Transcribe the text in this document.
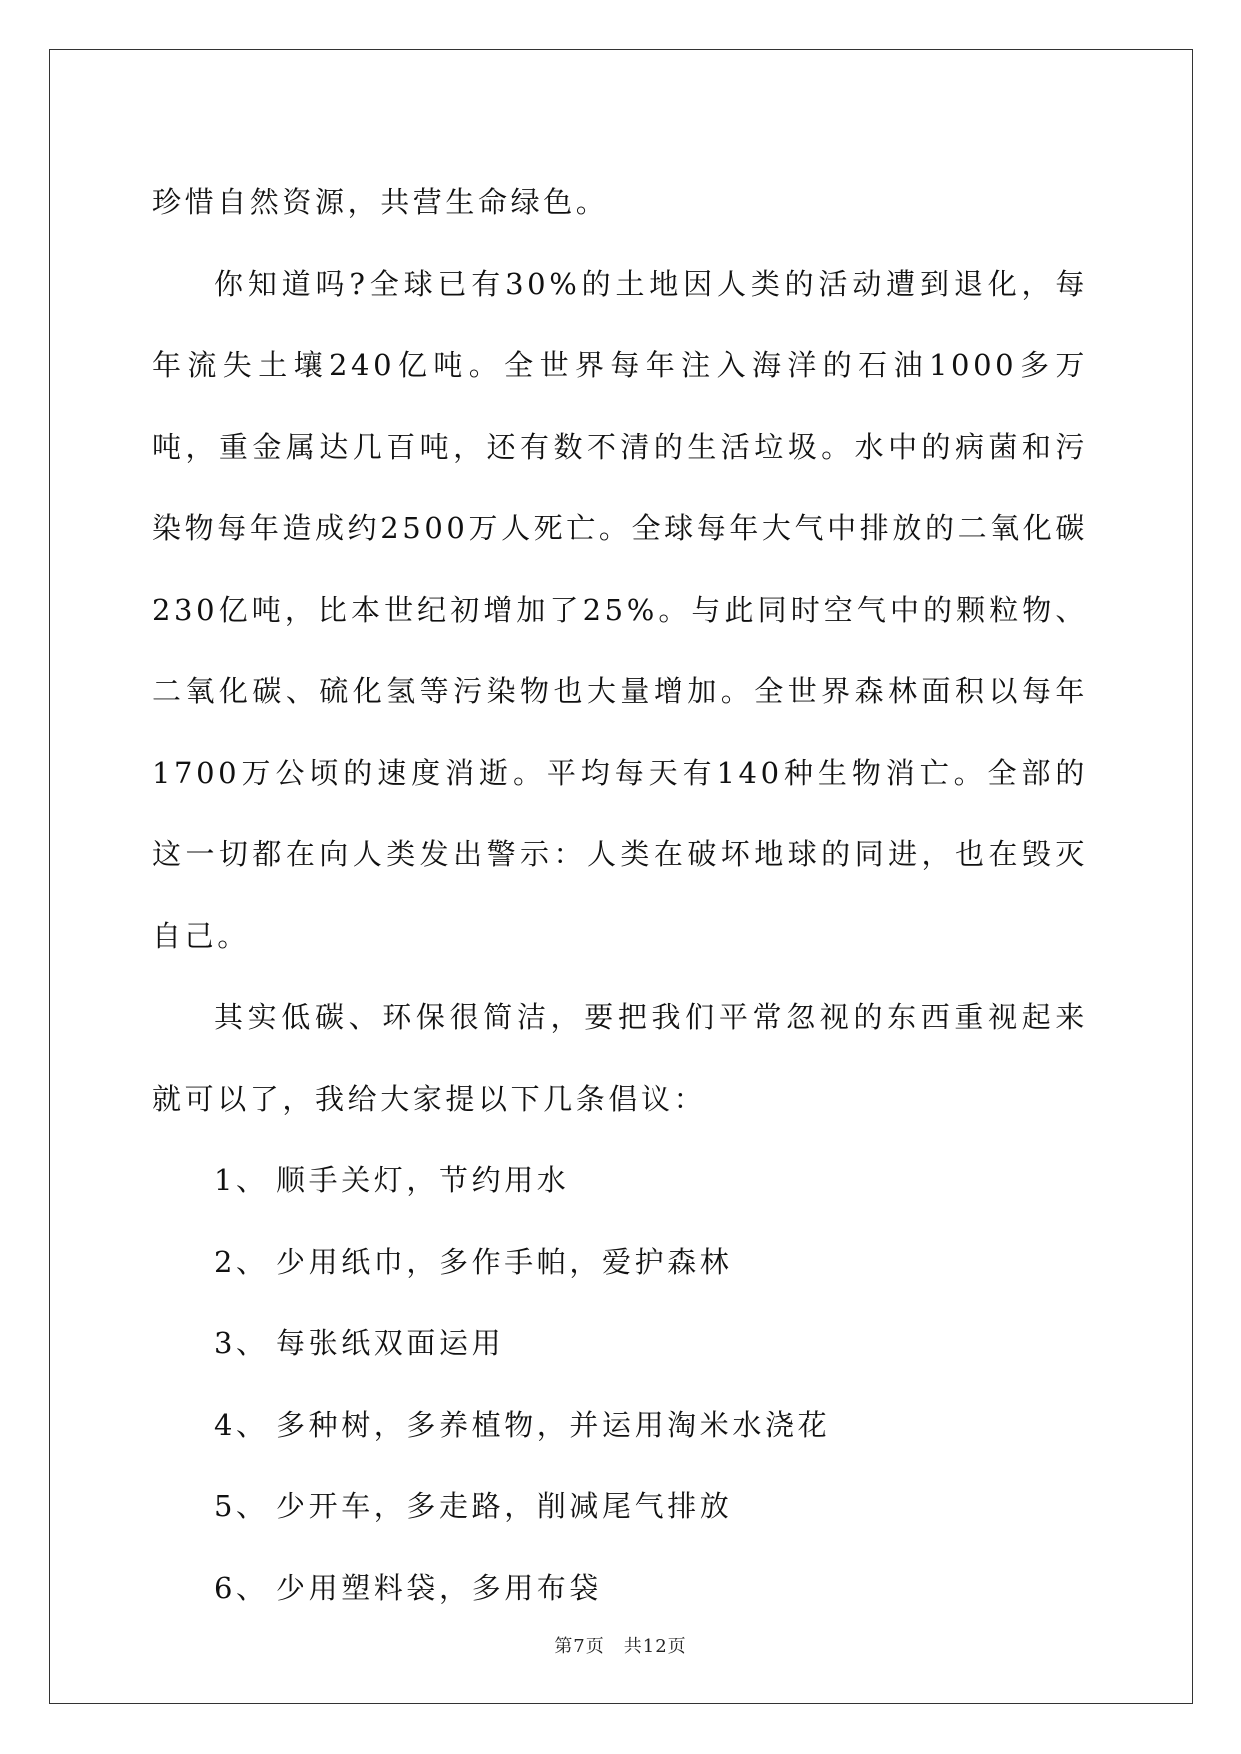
珍惜自然资源，共营生命绿色。

你知道吗?全球已有30%的土地因人类的活动遭到退化，每年流失土壤240亿吨。全世界每年注入海洋的石油1000多万吨，重金属达几百吨，还有数不清的生活垃圾。水中的病菌和污染物每年造成约2500万人死亡。全球每年大气中排放的二氧化碳230亿吨，比本世纪初增加了25%。与此同时空气中的颗粒物、二氧化碳、硫化氢等污染物也大量增加。全世界森林面积以每年1700万公顷的速度消逝。平均每天有140种生物消亡。全部的这一切都在向人类发出警示：人类在破坏地球的同进，也在毁灭自己。

其实低碳、环保很简洁，要把我们平常忽视的东西重视起来就可以了，我给大家提以下几条倡议：

1、 顺手关灯，节约用水

2、 少用纸巾，多作手帕，爱护森林

3、 每张纸双面运用

4、 多种树，多养植物，并运用淘米水浇花

5、 少开车，多走路，削减尾气排放

6、 少用塑料袋，多用布袋

第7页　共12页
